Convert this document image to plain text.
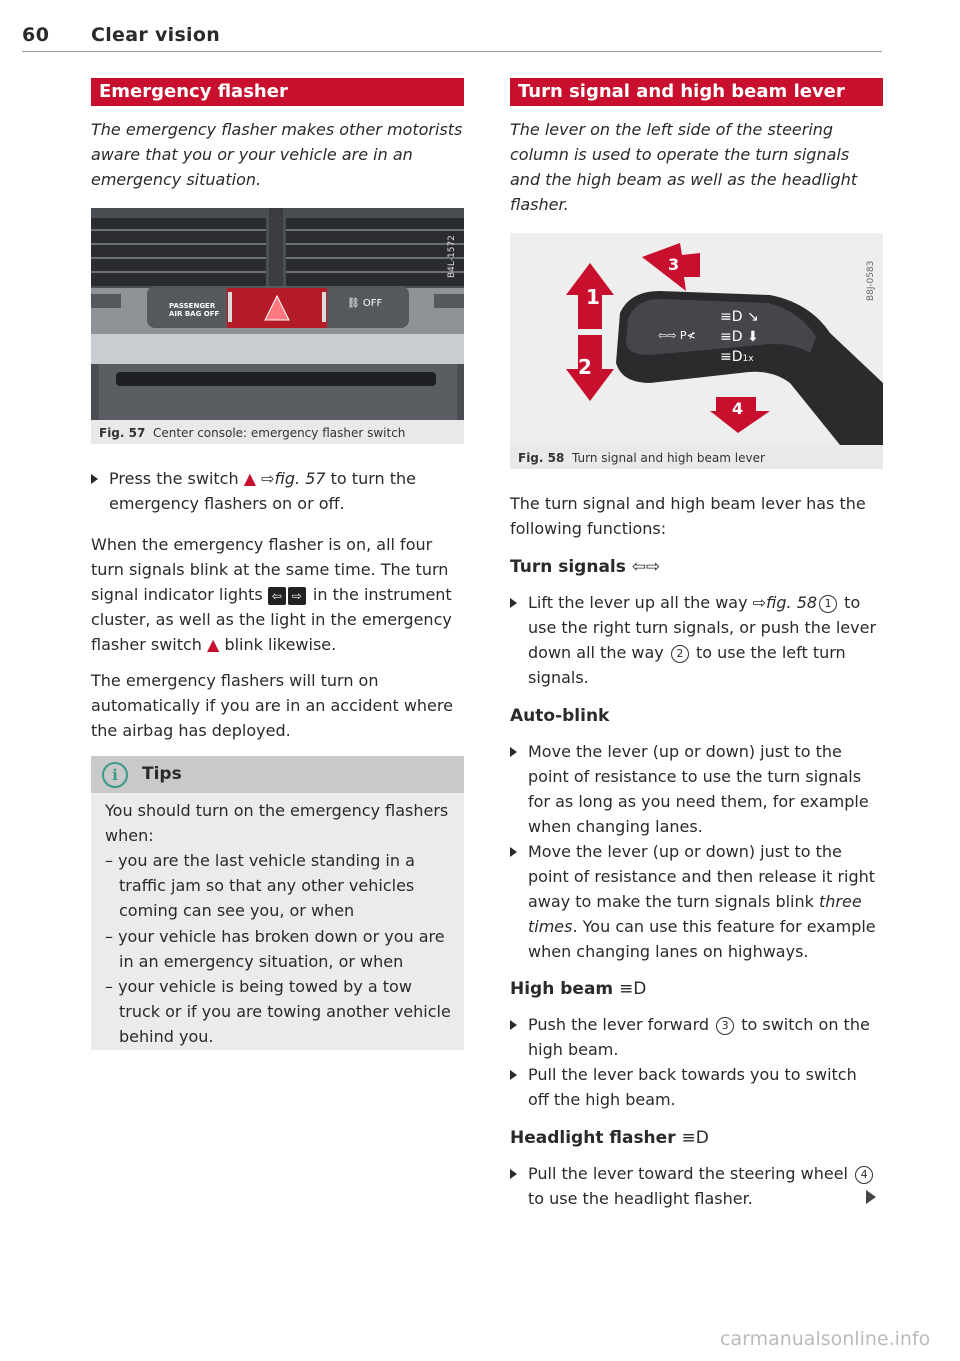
60 Clear vision
Emergency flasher
The emergency flasher makes other motorists aware that you or your vehicle are in an emergency situation.
PASSENGER
AIR BAG OFF
⛓ OFF
B4L-1572
Fig. 57 Center console: emergency flasher switch
Press the switch ▲ ⇨fig. 57 to turn the emergency flashers on or off.
When the emergency flasher is on, all four turn signals blink at the same time. The turn signal indicator lights ⇦ ⇨ in the instrument cluster, as well as the light in the emergency flasher switch ▲ blink likewise.
The emergency flashers will turn on automatically if you are in an accident where the airbag has deployed.
i	Tips
You should turn on the emergency flashers when:
– you are the last vehicle standing in a traffic jam so that any other vehicles coming can see you, or when
– your vehicle has broken down or you are in an emergency situation, or when
– your vehicle is being towed by a tow truck or if you are towing another vehicle behind you.
Turn signal and high beam lever
The lever on the left side of the steering column is used to operate the turn signals and the high beam as well as the headlight flasher.
1
2
3
4
⇦⇨ P≮
≡D ↘
≡D ⬇
≡D1x
B8J-0583
Fig. 58 Turn signal and high beam lever
The turn signal and high beam lever has the following functions:
Turn signals ⇦⇨
Lift the lever up all the way ⇨fig. 58 1 to use the right turn signals, or push the lever down all the way 2 to use the left turn signals.
Auto-blink
Move the lever (up or down) just to the point of resistance to use the turn signals for as long as you need them, for example when changing lanes.
Move the lever (up or down) just to the point of resistance and then release it right away to make the turn signals blink three times. You can use this feature for example when changing lanes on highways.
High beam ≡D
Push the lever forward 3 to switch on the high beam.
Pull the lever back towards you to switch off the high beam.
Headlight flasher ≡D
Pull the lever toward the steering wheel 4 to use the headlight flasher.
carmanualsonline.info
